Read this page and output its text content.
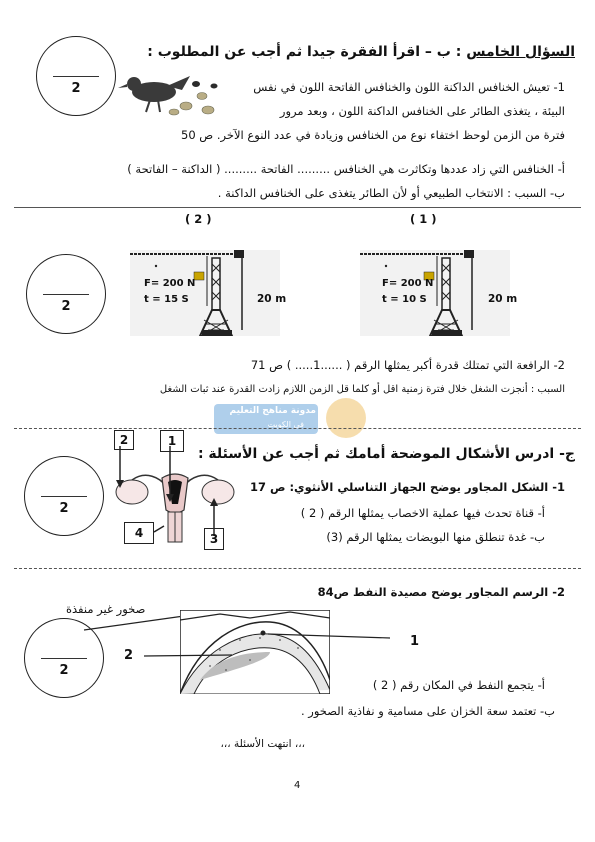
2
السؤال الخامس : ب – اقرأ الفقرة جيدا ثم أجب عن المطلوب :
1- تعيش الخنافس الداكنة اللون والخنافس الفاتحة اللون في نفس
البيئة ، يتغذى الطائر على الخنافس الداكنة اللون ، وبعد مرور
فترة من الزمن لوحظ اختفاء نوع من الخنافس وزيادة في عدد النوع الآخر. ص 50
أ- الخنافس التي زاد عددها وتكاثرت هي الخنافس ......... الفاتحة ......... ( الداكنة – الفاتحة )
ب- السبب : الانتخاب الطبيعي أو لأن الطائر يتغذى على الخنافس الداكنة .
( 2 )	( 1 )
2
F= 200 N
t = 15 S	20 m
F= 200 N
t = 10 S	20 m
2- الرافعة التي تمتلك قدرة أكبر يمثلها الرقم ( ......1..... ) ص 71
السبب : أنجزت الشغل خلال فترة زمنية اقل أو كلما قل الزمن اللازم زادت القدرة عند ثبات الشغل
مدونة مناهج التعليم
في الكويت
ج- ادرس الأشكال الموضحة أمامك ثم أجب عن الأسئلة :
2
2	1
4	3
1- الشكل المجاور يوضح الجهاز التناسلي الأنثوي: ص 17
أ- قناة تحدث فيها عملية الاخصاب يمثلها الرقم ( 2 )
ب- غدة تنطلق منها البويضات يمثلها الرقم (3)
2- الرسم المجاور يوضح مصيدة النفط ص84
صخور غير منفذة
2
1
2
أ- يتجمع النفط في المكان رقم ( 2 )
ب- تعتمد سعة الخزان على مسامية و نفاذية الصخور .
،،، انتهت الأسئلة ،،،
4
